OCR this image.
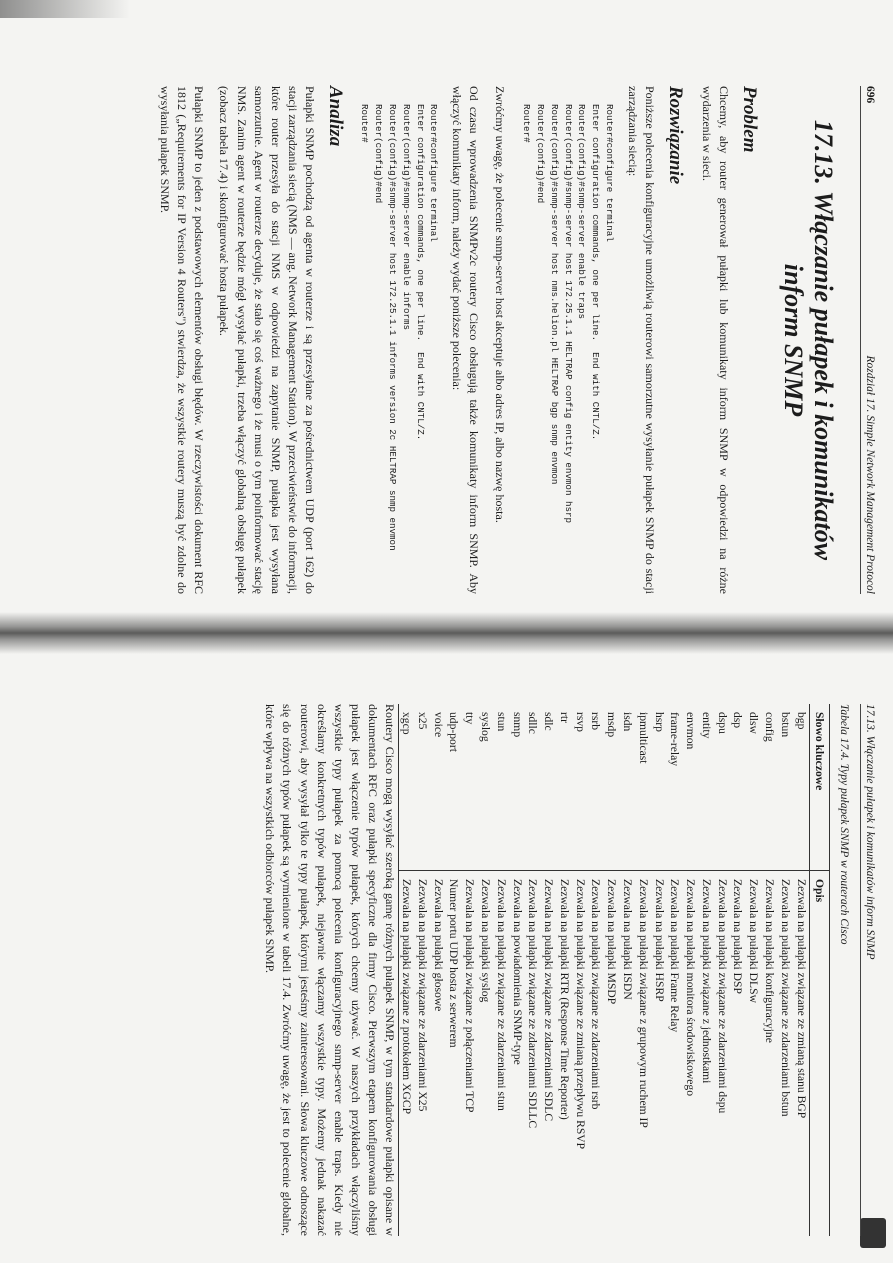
696
Rozdział 17. Simple Network Management Protocol
17.13. Włączanie pułapek i komunikatów inform SNMP
Problem

Chcemy, aby router generował pułapki lub komunikaty inform SNMP w odpowiedzi na różne wydarzenia w sieci.

Rozwiązanie

Poniższe polecenia konfiguracyjne umożliwią routerowi samorzutne wysyłanie pułapek SNMP do stacji zarządzania siecią:

Router#configure terminal
Enter configuration commands, one per line.  End with CNTL/Z.
Router(config)#snmp-server enable traps
Router(config)#snmp-server host 172.25.1.1 HELTRAP config entity envmon hsrp
Router(config)#snmp-server host nms.helion.pl HELTRAP bgp snmp envmon
Router(config)#end
Router#

Zwróćmy uwagę, że polecenie snmp-server host akceptuje albo adres IP, albo nazwę hosta.

Od czasu wprowadzenia SNMPv2c routery Cisco obsługują także komunikaty inform SNMP. Aby włączyć komunikaty inform, należy wydać poniższe polecenia:

Router#configure terminal
Enter configuration commands, one per line.  End with CNTL/Z.
Router(config)#snmp-server enable informs
Router(config)#snmp-server host 172.25.1.1 informs version 2c HELTRAP snmp envmon
Router(config)#end
Router#
Analiza

Pułapki SNMP pochodzą od agenta w routerze i są przesyłane za pośrednictwem UDP (port 162) do stacji zarządzania siecią (NMS — ang. Network Management Station). W przeciwieństwie do informacji, które router przesyła do stacji NMS w odpowiedzi na zapytanie SNMP, pułapka jest wysyłana samorzutnie. Agent w routerze decyduje, że stało się coś ważnego i że musi o tym poinformować stację NMS. Zanim agent w routerze będzie mógł wysyłać pułapki, trzeba włączyć globalną obsługę pułapek (zobacz tabela 17.4) i skonfigurować hosta pułapek.

Pułapki SNMP to jeden z podstawowych elementów obsługi błędów. W rzeczywistości dokument RFC 1812 („Requirements for IP Version 4 Routers") stwierdza, że wszystkie routery muszą być zdolne do wysyłania pułapek SNMP.

17.13. Włączanie pułapek i komunikatów inform SNMP
Tabela 17.4. Typy pułapek SNMP w routerach Cisco
Słowo kluczowe	Opis
bgp	Zezwala na pułapki związane ze zmianą stanu BGP
bstun	Zezwala na pułapki związane ze zdarzeniami bstun
config	Zezwala na pułapki konfiguracyjne
dlsw	Zezwala na pułapki DLSw
dsp	Zezwala na pułapki DSP
dspu	Zezwala na pułapki związane ze zdarzeniami dspu
entity	Zezwala na pułapki związane z jednostkami
envmon	Zezwala na pułapki monitora środowiskowego
frame-relay	Zezwala na pułapki Frame Relay
hsrp	Zezwala na pułapki HSRP
ipmulticast	Zezwala na pułapki związane z grupowym ruchem IP
isdn	Zezwala na pułapki ISDN
msdp	Zezwala na pułapki MSDP
rsrb	Zezwala na pułapki związane ze zdarzeniami rsrb
rsvp	Zezwala na pułapki związane ze zmianą przepływu RSVP
rtr	Zezwala na pułapki RTR (Response Time Reporter)
sdlc	Zezwala na pułapki związane ze zdarzeniami SDLC
sdllc	Zezwala na pułapki związane ze zdarzeniami SDLLC
snmp	Zezwala na powiadomienia SNMP-type
stun	Zezwala na pułapki związane ze zdarzeniami stun
syslog	Zezwala na pułapki syslog
tty	Zezwala na pułapki związane z połączeniami TCP
udp-port	Numer portu UDP hosta z serwerem
voice	Zezwala na pułapki głosowe
x25	Zezwala na pułapki związane ze zdarzeniami X25
xgcp	Zezwala na pułapki związane z protokołem XGCP

Routery Cisco mogą wysyłać szeroką gamę różnych pułapek SNMP, w tym standardowe pułapki opisane w dokumentach RFC oraz pułapki specyficzne dla firmy Cisco. Pierwszym etapem konfigurowania obsługi pułapek jest włączenie typów pułapek, których chcemy używać. W naszych przykładach włączyliśmy wszystkie typy pułapek za pomocą polecenia konfiguracyjnego snmp-server enable traps. Kiedy nie określamy konkretnych typów pułapek, niejawnie włączamy wszystkie typy. Możemy jednak nakazać routerowi, aby wysyłał tylko te typy pułapek, którymi jesteśmy zainteresowani. Słowa kluczowe odnoszące się do różnych typów pułapek są wymienione w tabeli 17.4. Zwróćmy uwagę, że jest to polecenie globalne, które wpływa na wszystkich odbiorców pułapek SNMP.
